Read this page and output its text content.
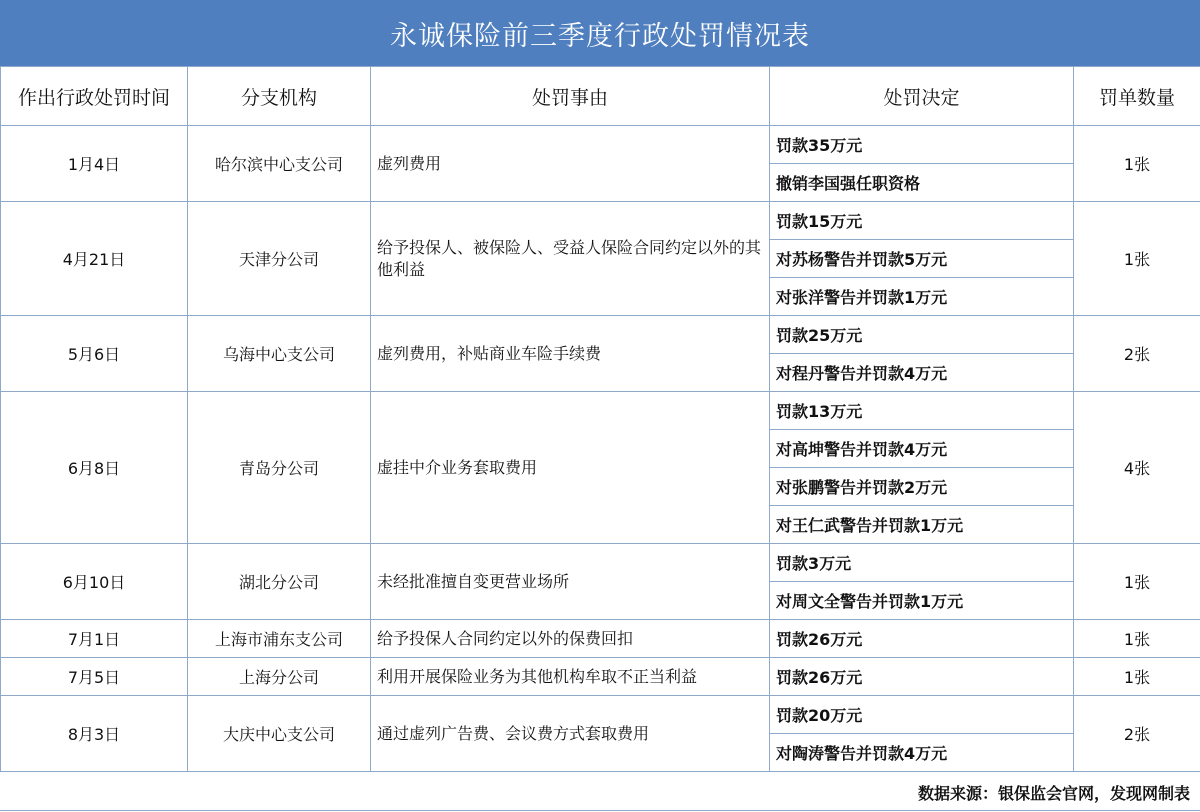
永诚保险前三季度行政处罚情况表
作出行政处罚时间	分支机构	处罚事由	处罚决定	罚单数量
1月4日	哈尔滨中心支公司	虚列费用	罚款35万元	1张
			撤销李国强任职资格	
4月21日	天津分公司	给予投保人、被保险人、受益人保险合同约定以外的其他利益	罚款15万元	1张
			对苏杨警告并罚款5万元	
			对张洋警告并罚款1万元	
5月6日	乌海中心支公司	虚列费用，补贴商业车险手续费	罚款25万元	2张
			对程丹警告并罚款4万元	
6月8日	青岛分公司	虚挂中介业务套取费用	罚款13万元	4张
			对高坤警告并罚款4万元	
			对张鹏警告并罚款2万元	
			对王仁武警告并罚款1万元	
6月10日	湖北分公司	未经批准擅自变更营业场所	罚款3万元	1张
			对周文全警告并罚款1万元	
7月1日	上海市浦东支公司	给予投保人合同约定以外的保费回扣	罚款26万元	1张
7月5日	上海分公司	利用开展保险业务为其他机构牟取不正当利益	罚款26万元	1张
8月3日	大庆中心支公司	通过虚列广告费、会议费方式套取费用	罚款20万元	2张
			对陶涛警告并罚款4万元	
数据来源：银保监会官网，发现网制表
